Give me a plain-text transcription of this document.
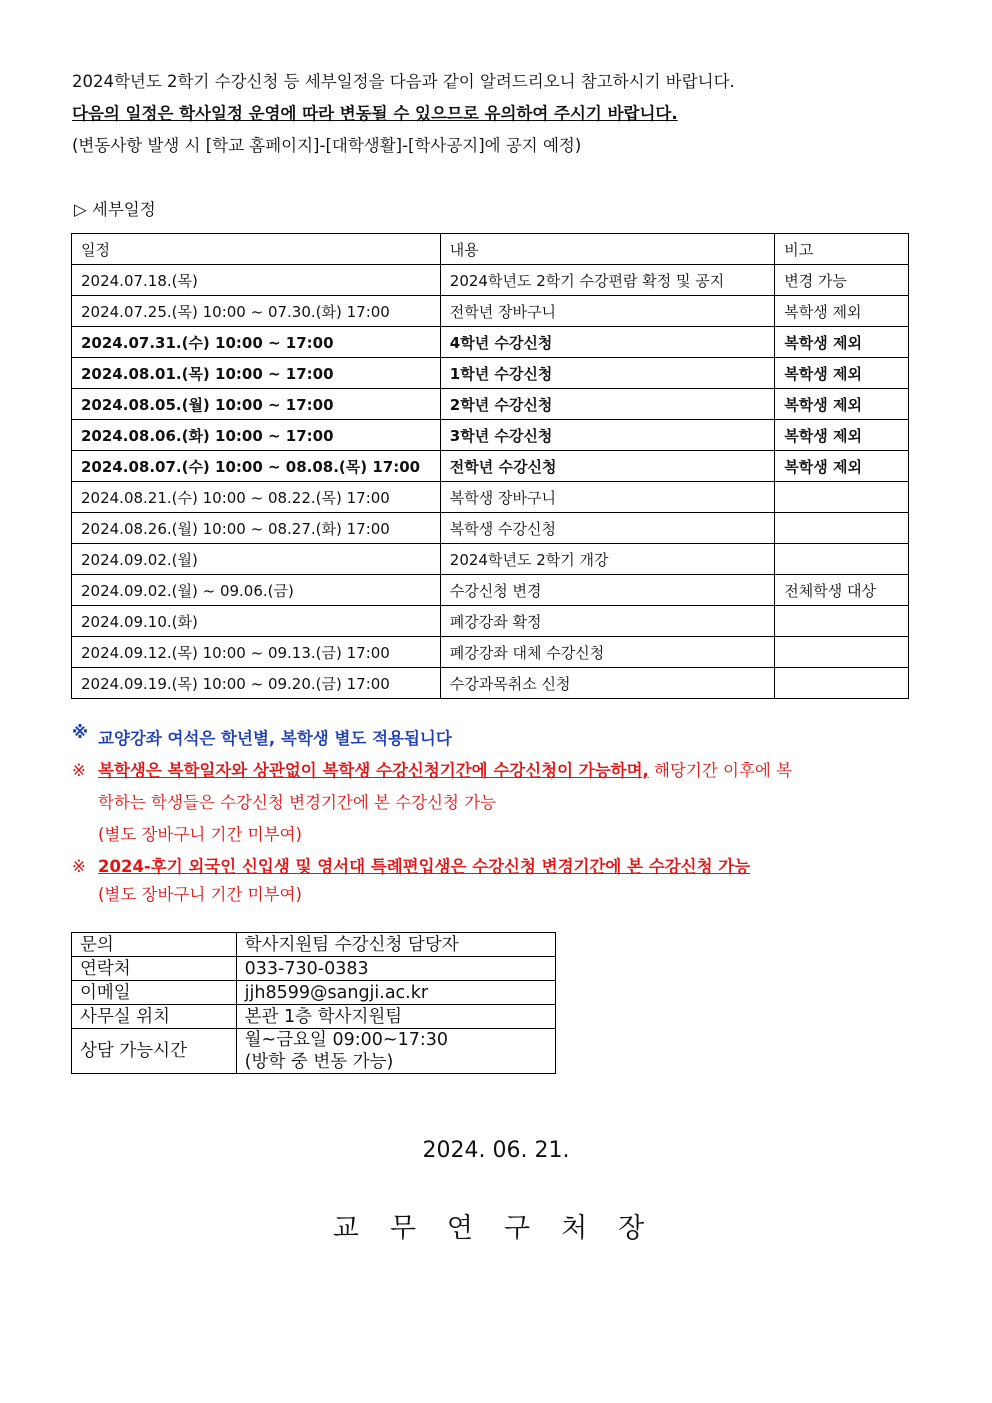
2024학년도 2학기 수강신청 등 세부일정을 다음과 같이 알려드리오니 참고하시기 바랍니다.

다음의 일정은 학사일정 운영에 따라 변동될 수 있으므로 유의하여 주시기 바랍니다.

(변동사항 발생 시 [학교 홈페이지]-[대학생활]-[학사공지]에 공지 예정)

▷ 세부일정
일정	내용	비고
2024.07.18.(목)	2024학년도 2학기 수강편람 확정 및 공지	변경 가능
2024.07.25.(목) 10:00 ~ 07.30.(화) 17:00	전학년 장바구니	복학생 제외
2024.07.31.(수) 10:00 ~ 17:00	4학년 수강신청	복학생 제외
2024.08.01.(목) 10:00 ~ 17:00	1학년 수강신청	복학생 제외
2024.08.05.(월) 10:00 ~ 17:00	2학년 수강신청	복학생 제외
2024.08.06.(화) 10:00 ~ 17:00	3학년 수강신청	복학생 제외
2024.08.07.(수) 10:00 ~ 08.08.(목) 17:00	전학년 수강신청	복학생 제외
2024.08.21.(수) 10:00 ~ 08.22.(목) 17:00	복학생 장바구니	
2024.08.26.(월) 10:00 ~ 08.27.(화) 17:00	복학생 수강신청	
2024.09.02.(월)	2024학년도 2학기 개강	
2024.09.02.(월) ~ 09.06.(금)	수강신청 변경	전체학생 대상
2024.09.10.(화)	폐강강좌 확정	
2024.09.12.(목) 10:00 ~ 09.13.(금) 17:00	폐강강좌 대체 수강신청	
2024.09.19.(목) 10:00 ~ 09.20.(금) 17:00	수강과목취소 신청	
※ 교양강좌 여석은 학년별, 복학생 별도 적용됩니다
※ 복학생은 복학일자와 상관없이 복학생 수강신청기간에 수강신청이 가능하며, 해당기간 이후에 복
학하는 학생들은 수강신청 변경기간에 본 수강신청 가능
(별도 장바구니 기간 미부여)
※ 2024-후기 외국인 신입생 및 영서대 특례편입생은 수강신청 변경기간에 본 수강신청 가능
(별도 장바구니 기간 미부여)
문의	학사지원팀 수강신청 담당자
연락처	033-730-0383
이메일	jjh8599@sangji.ac.kr
사무실 위치	본관 1층 학사지원팀
상담 가능시간	월~금요일 09:00~17:30
(방학 중 변동 가능)
2024. 06. 21.
교무연구처장
